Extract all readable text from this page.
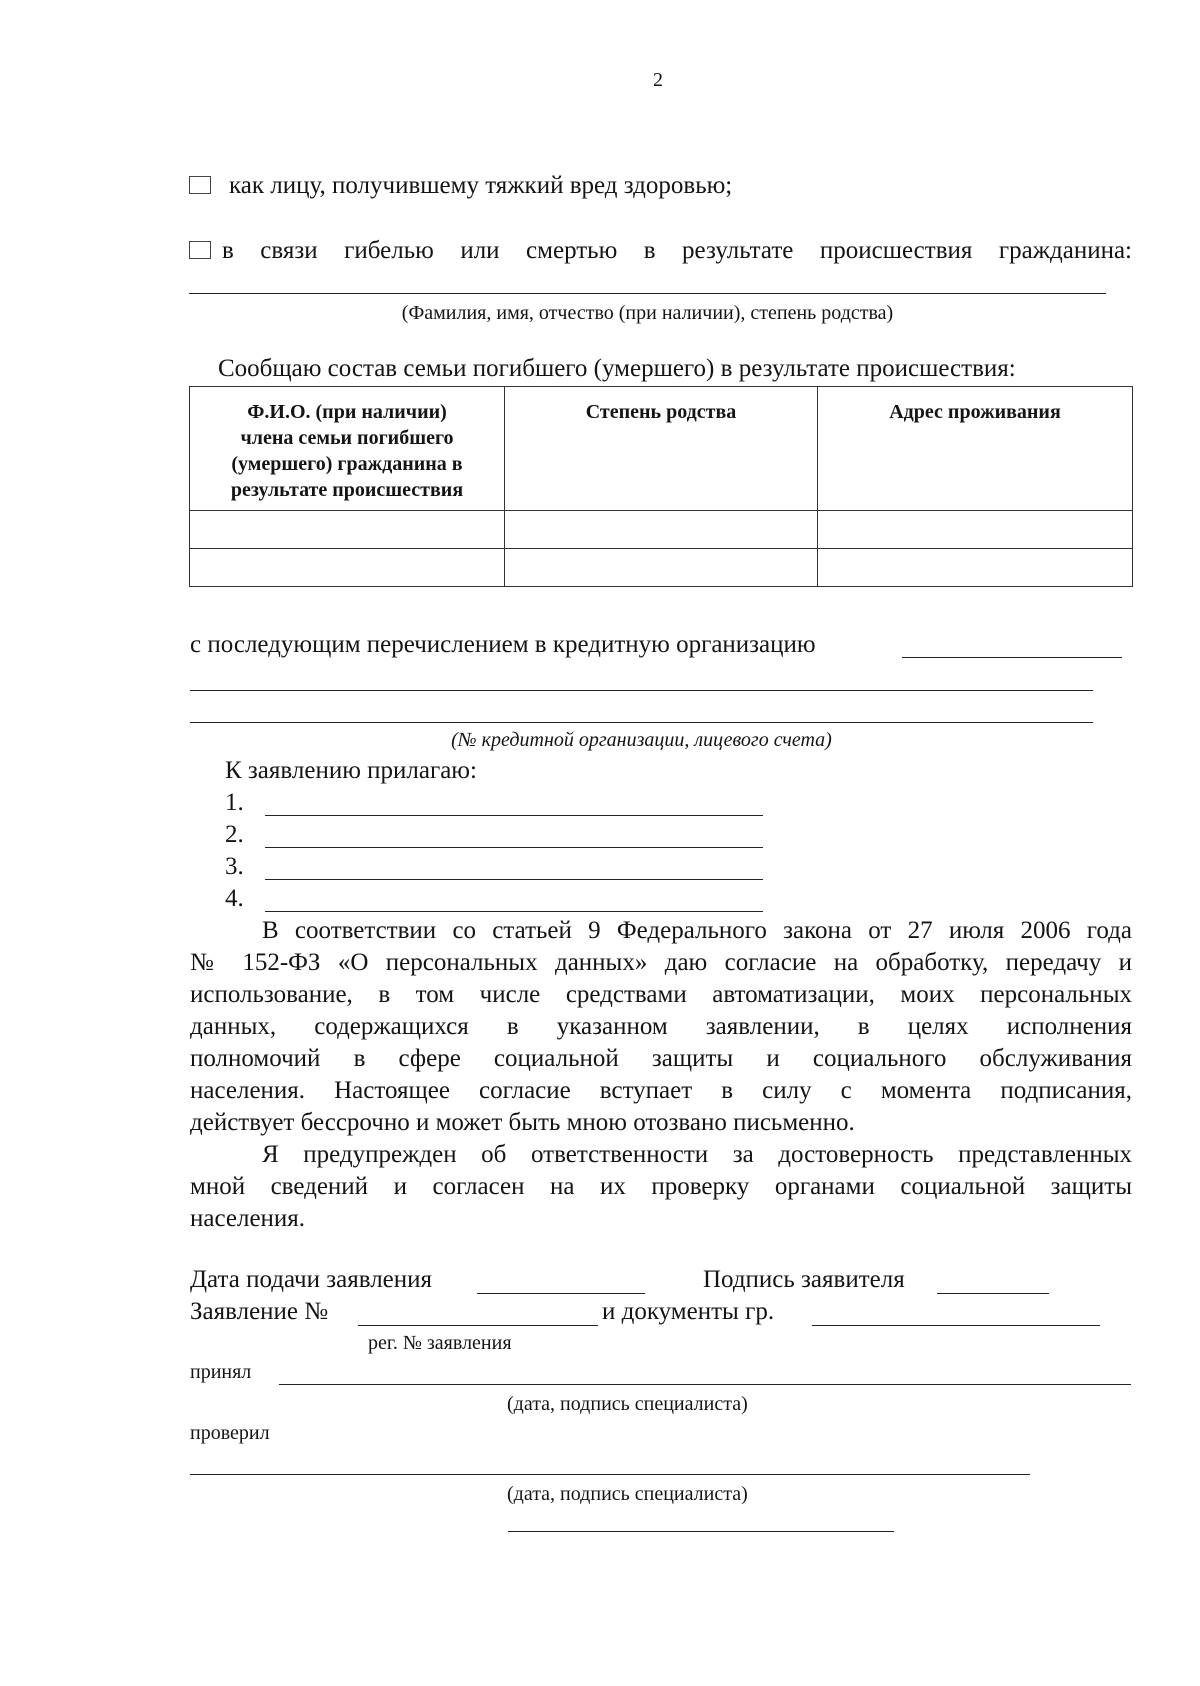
2
как лицу, получившему тяжкий вред здоровью;
в  связи  гибелью  или  смертью  в  результате  происшествия  гражданина:
(Фамилия, имя, отчество (при наличии), степень родства)
Сообщаю состав семьи погибшего (умершего) в результате происшествия:
Ф.И.О. (при наличии)
члена семьи погибшего
(умершего) гражданина в
результате происшествия	Степень родства	Адрес проживания

с последующим перечислением в кредитную организацию
(№ кредитной организации, лицевого счета)
К заявлению прилагаю:
1.
2.
3.
4.
В соответствии со статьей 9 Федерального закона от 27 июля 2006 года
№ 152-ФЗ «О персональных данных» даю согласие на обработку, передачу и
использование, в том числе средствами автоматизации, моих персональных
данных, содержащихся в указанном заявлении, в целях исполнения
полномочий в сфере социальной защиты и социального обслуживания
населения. Настоящее согласие вступает в силу с момента подписания,
действует бессрочно и может быть мною отозвано письменно.
Я предупрежден об ответственности за достоверность представленных
мной сведений и согласен на их проверку органами социальной защиты
населения.
Дата подачи заявления	Подпись заявителя
Заявление №	и документы гр.
рег. № заявления
принял
(дата, подпись специалиста)
проверил
(дата, подпись специалиста)
